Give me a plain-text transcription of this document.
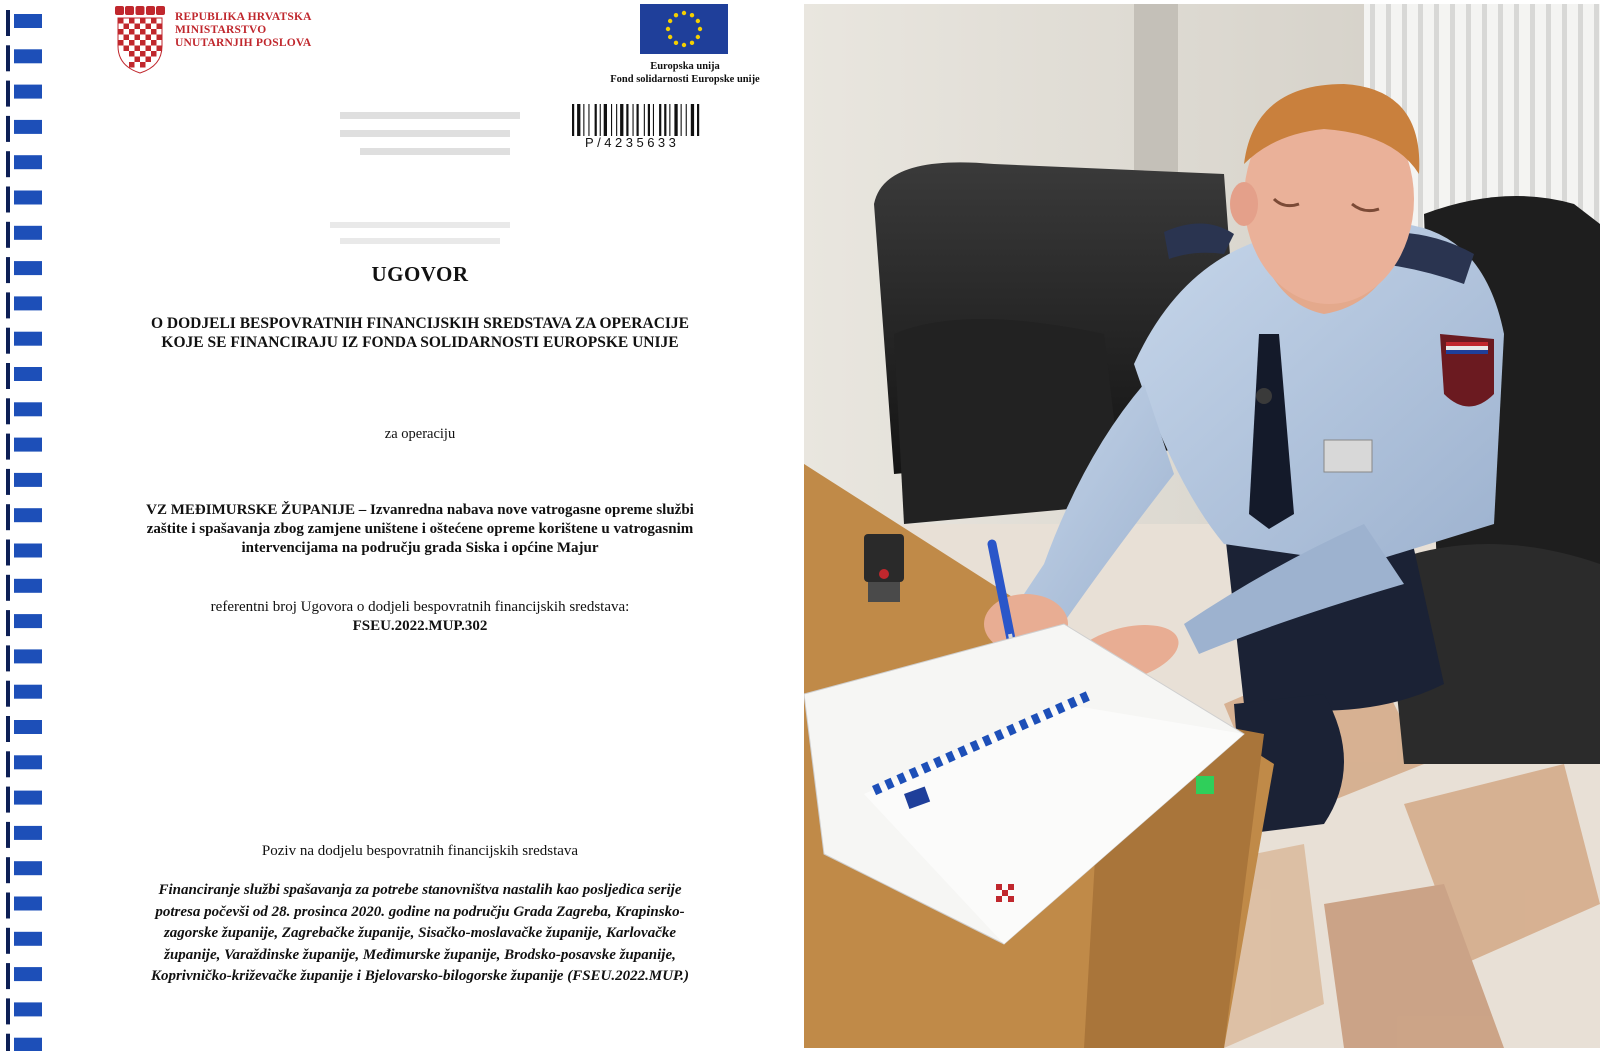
REPUBLIKA HRVATSKA
MINISTARSTVO
UNUTARNJIH POSLOVA
Europska unija
Fond solidarnosti Europske unije
P/4235633
UGOVOR
O DODJELI BESPOVRATNIH FINANCIJSKIH SREDSTAVA ZA OPERACIJE
KOJE SE FINANCIRAJU IZ FONDA SOLIDARNOSTI EUROPSKE UNIJE
za operaciju
VZ MEĐIMURSKE ŽUPANIJE – Izvanredna nabava nove vatrogasne opreme službi
zaštite i spašavanja zbog zamjene uništene i oštećene opreme korištene u vatrogasnim
intervencijama na području grada Siska i općine Majur
referentni broj Ugovora o dodjeli bespovratnih financijskih sredstava:
FSEU.2022.MUP.302
Poziv na dodjelu bespovratnih financijskih sredstava
Financiranje službi spašavanja za potrebe stanovništva nastalih kao posljedica serije
potresa počevši od 28. prosinca 2020. godine na području Grada Zagreba, Krapinsko-
zagorske županije, Zagrebačke županije, Sisačko-moslavačke županije, Karlovačke
županije, Varaždinske županije, Međimurske županije, Brodsko-posavske županije,
Koprivničko-križevačke županije i Bjelovarsko-bilogorske županije (FSEU.2022.MUP.)
